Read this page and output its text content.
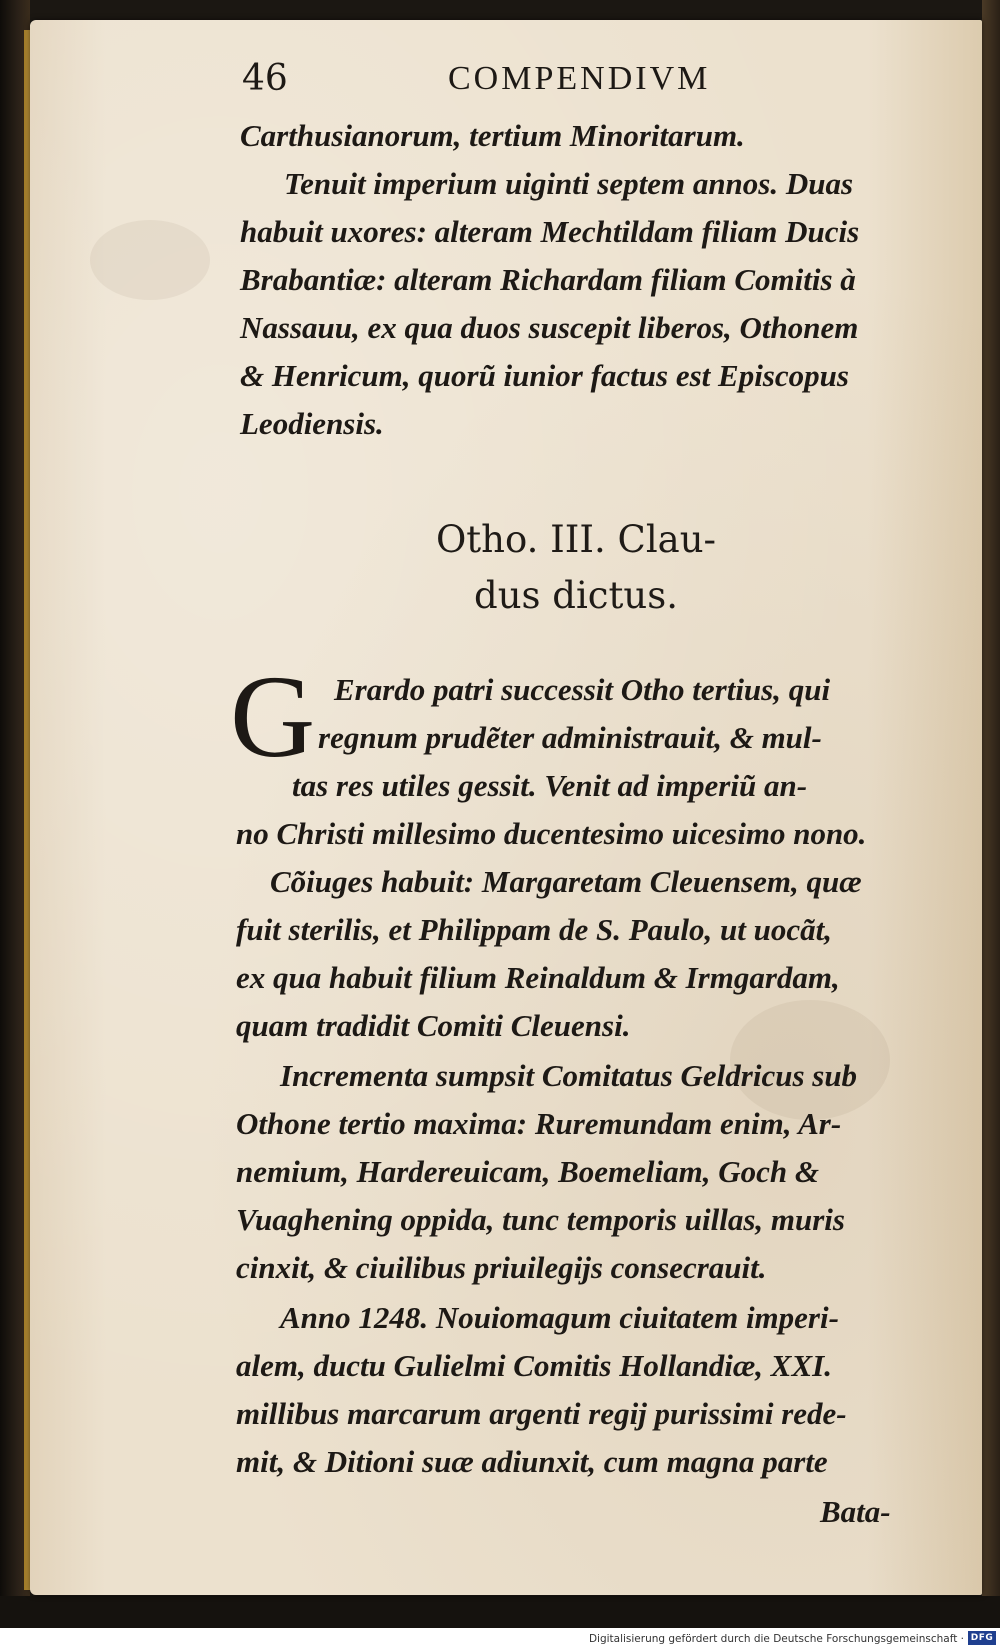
46	COMPENDIVM
Carthusianorum, tertium Minoritarum.
Tenuit imperium uiginti septem annos. Duas
habuit uxores: alteram Mechtildam filiam Ducis
Brabantiæ: alteram Richardam filiam Comitis à
Nassauu, ex qua duos suscepit liberos, Othonem
& Henricum, quorũ iunior factus est Episcopus
Leodiensis.
Otho. III. Clau-
dus dictus.
G Erardo patri successit Otho tertius, qui
regnum prudẽter administrauit, & mul-
tas res utiles gessit. Venit ad imperiũ an-
no Christi millesimo ducentesimo uicesimo nono.
Cõiuges habuit: Margaretam Cleuensem, quæ
fuit sterilis, et Philippam de S. Paulo, ut uocãt,
ex qua habuit filium Reinaldum & Irmgardam,
quam tradidit Comiti Cleuensi.
Incrementa sumpsit Comitatus Geldricus sub
Othone tertio maxima: Ruremundam enim, Ar-
nemium, Hardereuicam, Boemeliam, Goch &
Vuaghening oppida, tunc temporis uillas, muris
cinxit, & ciuilibus priuilegijs consecrauit.
Anno 1248. Nouiomagum ciuitatem imperi-
alem, ductu Gulielmi Comitis Hollandiæ, XXI.
millibus marcarum argenti regij purissimi rede-
mit, & Ditioni suæ adiunxit, cum magna parte
Bata-
Digitalisierung gefördert durch die Deutsche Forschungsgemeinschaft · DFG
